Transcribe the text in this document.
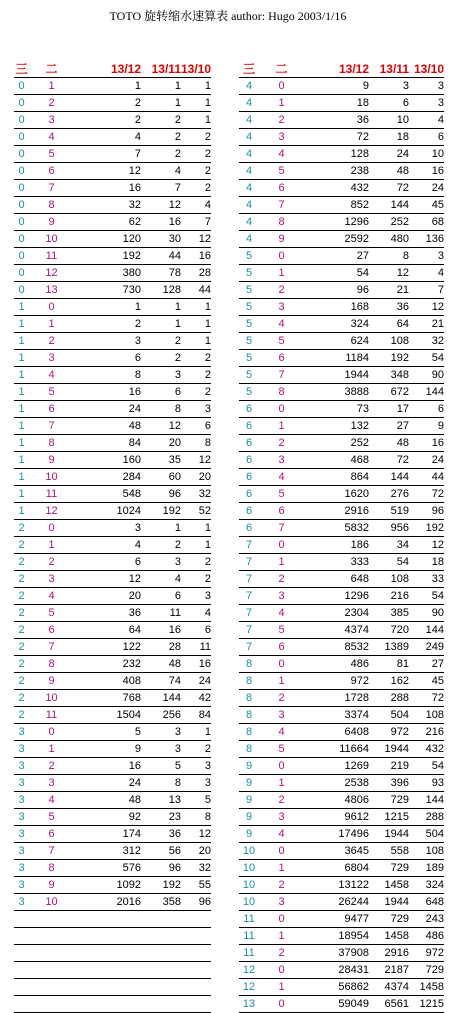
TOTO 旋转缩水速算表 author: Hugo 2003/1/16
三	二	13/12	13/11	13/10
0	1	1	1	1
0	2	2	1	1
0	3	2	2	1
0	4	4	2	2
0	5	7	2	2
0	6	12	4	2
0	7	16	7	2
0	8	32	12	4
0	9	62	16	7
0	10	120	30	12
0	11	192	44	16
0	12	380	78	28
0	13	730	128	44
1	0	1	1	1
1	1	2	1	1
1	2	3	2	1
1	3	6	2	2
1	4	8	3	2
1	5	16	6	2
1	6	24	8	3
1	7	48	12	6
1	8	84	20	8
1	9	160	35	12
1	10	284	60	20
1	11	548	96	32
1	12	1024	192	52
2	0	3	1	1
2	1	4	2	1
2	2	6	3	2
2	3	12	4	2
2	4	20	6	3
2	5	36	11	4
2	6	64	16	6
2	7	122	28	11
2	8	232	48	16
2	9	408	74	24
2	10	768	144	42
2	11	1504	256	84
3	0	5	3	1
3	1	9	3	2
3	2	16	5	3
3	3	24	8	3
3	4	48	13	5
3	5	92	23	8
3	6	174	36	12
3	7	312	56	20
3	8	576	96	32
3	9	1092	192	55
3	10	2016	358	96

三	二	13/12	13/11	13/10
4	0	9	3	3
4	1	18	6	3
4	2	36	10	4
4	3	72	18	6
4	4	128	24	10
4	5	238	48	16
4	6	432	72	24
4	7	852	144	45
4	8	1296	252	68
4	9	2592	480	136
5	0	27	8	3
5	1	54	12	4
5	2	96	21	7
5	3	168	36	12
5	4	324	64	21
5	5	624	108	32
5	6	1184	192	54
5	7	1944	348	90
5	8	3888	672	144
6	0	73	17	6
6	1	132	27	9
6	2	252	48	16
6	3	468	72	24
6	4	864	144	44
6	5	1620	276	72
6	6	2916	519	96
6	7	5832	956	192
7	0	186	34	12
7	1	333	54	18
7	2	648	108	33
7	3	1296	216	54
7	4	2304	385	90
7	5	4374	720	144
7	6	8532	1389	249
8	0	486	81	27
8	1	972	162	45
8	2	1728	288	72
8	3	3374	504	108
8	4	6408	972	216
8	5	11664	1944	432
9	0	1269	219	54
9	1	2538	396	93
9	2	4806	729	144
9	3	9612	1215	288
9	4	17496	1944	504
10	0	3645	558	108
10	1	6804	729	189
10	2	13122	1458	324
10	3	26244	1944	648
11	0	9477	729	243
11	1	18954	1458	486
11	2	37908	2916	972
12	0	28431	2187	729
12	1	56862	4374	1458
13	0	59049	6561	1215
